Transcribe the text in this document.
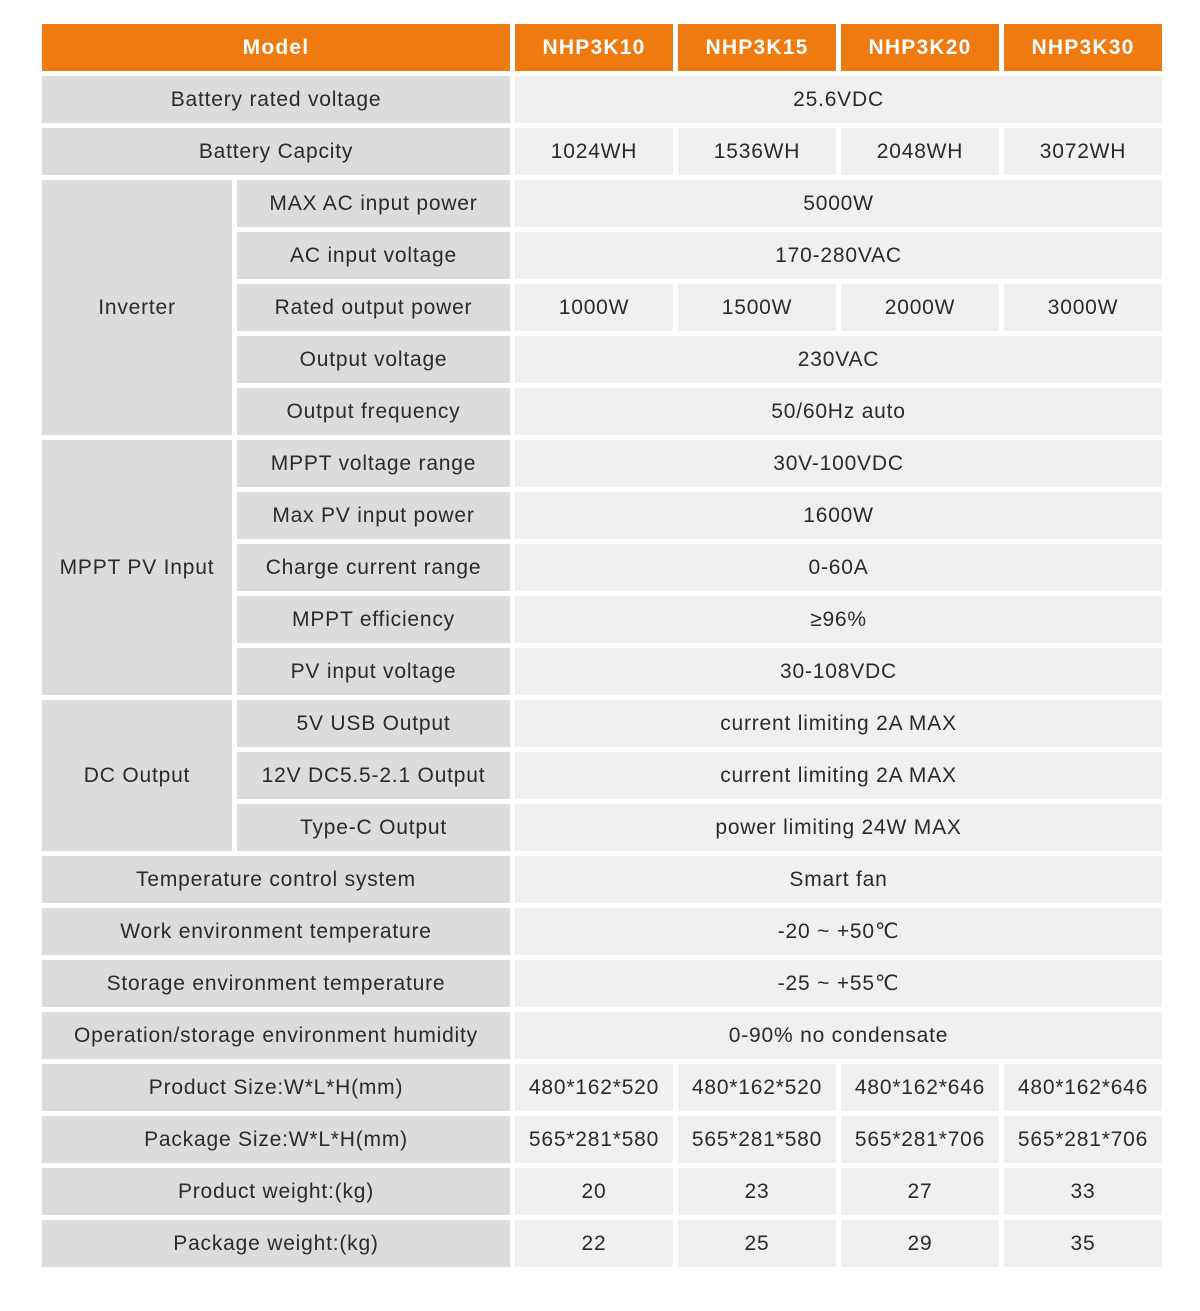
Model		NHP3K10	NHP3K15	NHP3K20	NHP3K30
Battery rated voltage		25.6VDC			
Battery Capcity		1024WH	1536WH	2048WH	3072WH
Inverter	MAX AC input power	5000W			
	AC input voltage	170-280VAC			
	Rated output power	1000W	1500W	2000W	3000W
	Output voltage	230VAC			
	Output frequency	50/60Hz auto			
MPPT PV Input	MPPT voltage range	30V-100VDC			
	Max PV input power	1600W			
	Charge current range	0-60A			
	MPPT efficiency	≥96%			
	PV input voltage	30-108VDC			
DC Output	5V USB Output	current limiting 2A MAX			
	12V DC5.5-2.1 Output	current limiting 2A MAX			
	Type-C Output	power limiting 24W MAX			
Temperature control system		Smart fan			
Work environment temperature		-20 ~ +50℃			
Storage environment temperature		-25 ~ +55℃			
Operation/storage environment humidity		0-90% no condensate			
Product Size:W*L*H(mm)		480*162*520	480*162*520	480*162*646	480*162*646
Package Size:W*L*H(mm)		565*281*580	565*281*580	565*281*706	565*281*706
Product weight:(kg)		20	23	27	33
Package weight:(kg)		22	25	29	35
